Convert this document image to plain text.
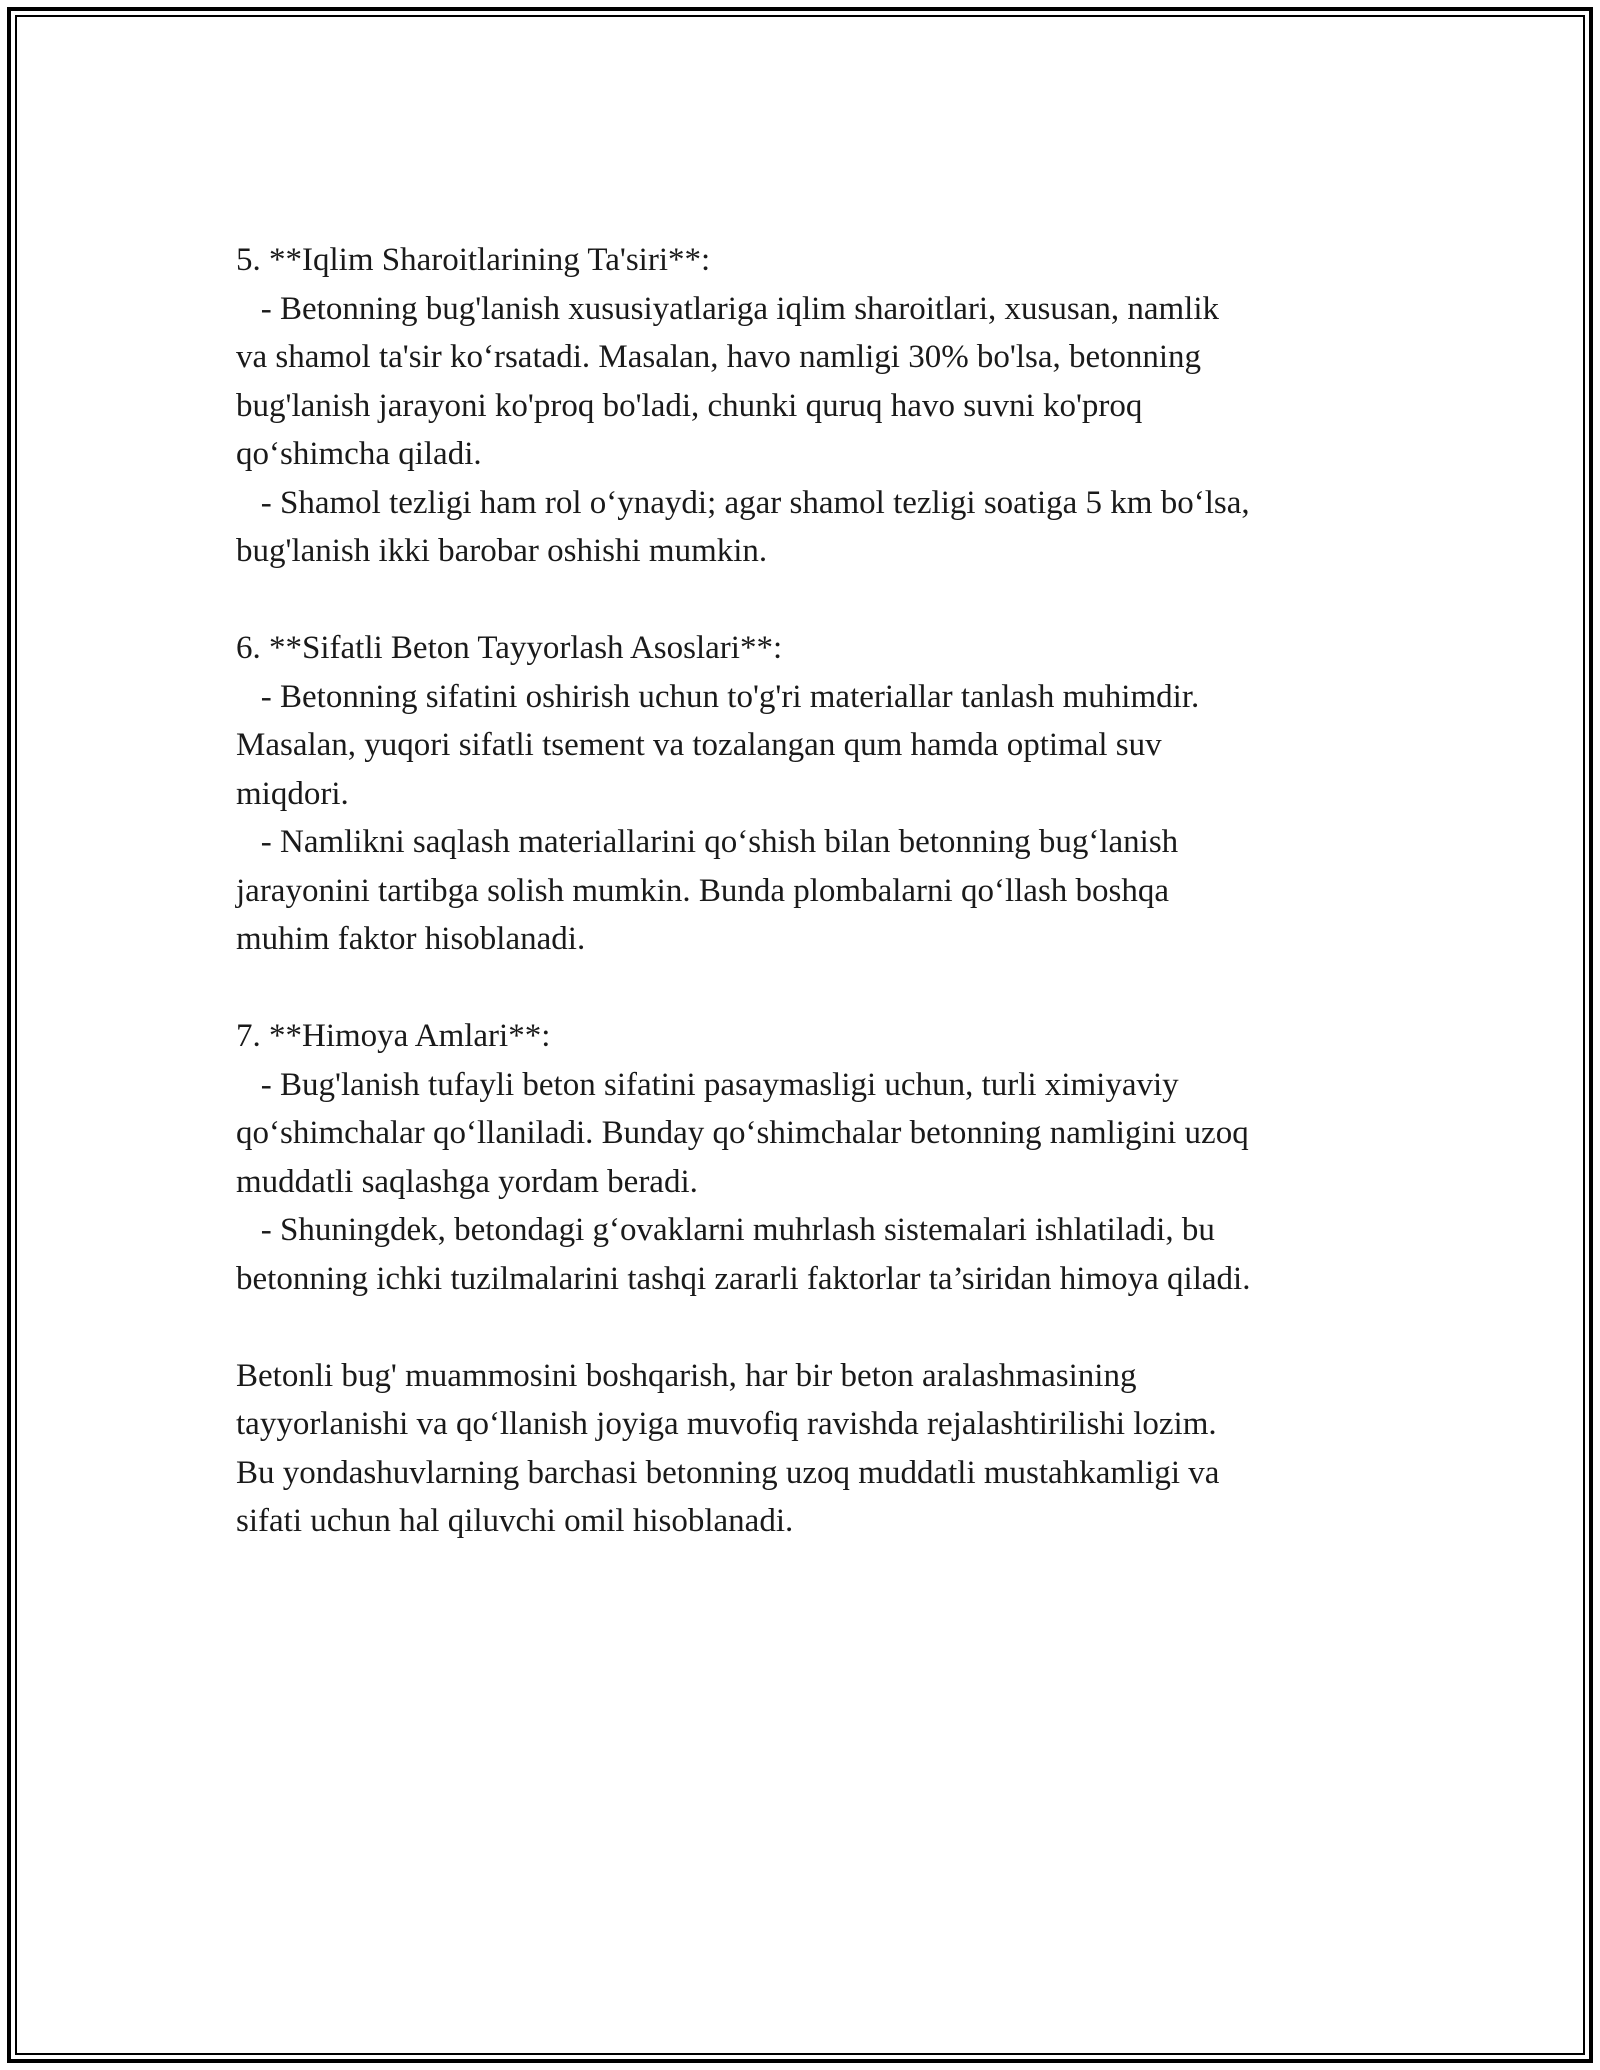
5. **Iqlim Sharoitlarining Ta'siri**:

- Betonning bug'lanish xususiyatlariga iqlim sharoitlari, xususan, namlik

va shamol ta'sir ko‘rsatadi. Masalan, havo namligi 30% bo'lsa, betonning

bug'lanish jarayoni ko'proq bo'ladi, chunki quruq havo suvni ko'proq

qo‘shimcha qiladi.

- Shamol tezligi ham rol o‘ynaydi; agar shamol tezligi soatiga 5 km bo‘lsa,

bug'lanish ikki barobar oshishi mumkin.

6. **Sifatli Beton Tayyorlash Asoslari**:

- Betonning sifatini oshirish uchun to'g'ri materiallar tanlash muhimdir.

Masalan, yuqori sifatli tsement va tozalangan qum hamda optimal suv

miqdori.

- Namlikni saqlash materiallarini qo‘shish bilan betonning bug‘lanish

jarayonini tartibga solish mumkin. Bunda plombalarni qo‘llash boshqa

muhim faktor hisoblanadi.

7. **Himoya Amlari**:

- Bug'lanish tufayli beton sifatini pasaymasligi uchun, turli ximiyaviy

qo‘shimchalar qo‘llaniladi. Bunday qo‘shimchalar betonning namligini uzoq

muddatli saqlashga yordam beradi.

- Shuningdek, betondagi g‘ovaklarni muhrlash sistemalari ishlatiladi, bu

betonning ichki tuzilmalarini tashqi zararli faktorlar ta’siridan himoya qiladi.

Betonli bug' muammosini boshqarish, har bir beton aralashmasining

tayyorlanishi va qo‘llanish joyiga muvofiq ravishda rejalashtirilishi lozim.

Bu yondashuvlarning barchasi betonning uzoq muddatli mustahkamligi va

sifati uchun hal qiluvchi omil hisoblanadi.
